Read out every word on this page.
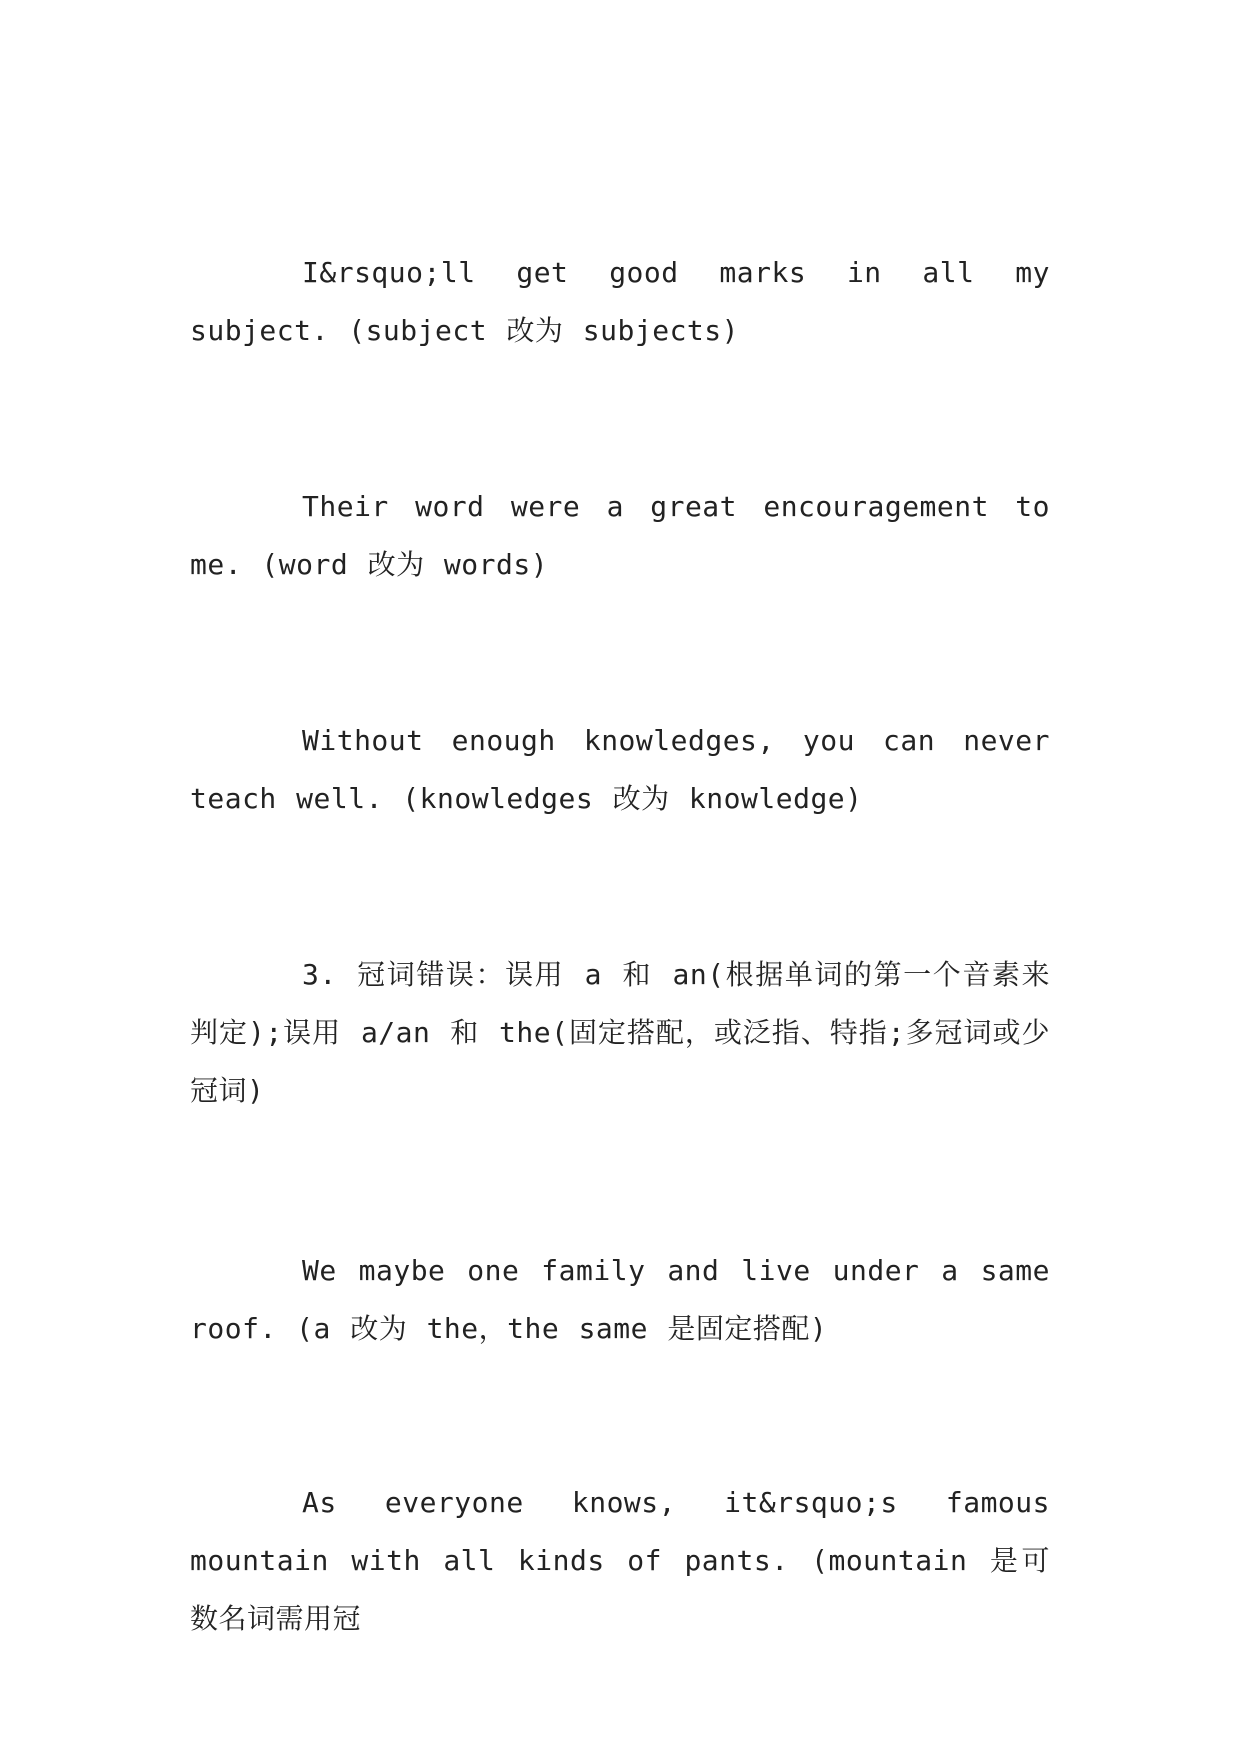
I&rsquo;ll get good marks in all my subject. (subject 改为 subjects)

Their word were a great encouragement to me. (word 改为 words)

Without enough knowledges, you can never teach well. (knowledges 改为 knowledge)

3. 冠词错误：误用 a 和 an(根据单词的第一个音素来判定);误用 a/an 和 the(固定搭配，或泛指、特指;多冠词或少冠词)

We maybe one family and live under a same roof. (a 改为 the，the same 是固定搭配)

As everyone knows, it&rsquo;s famous mountain with all kinds of pants. (mountain 是可数名词需用冠
